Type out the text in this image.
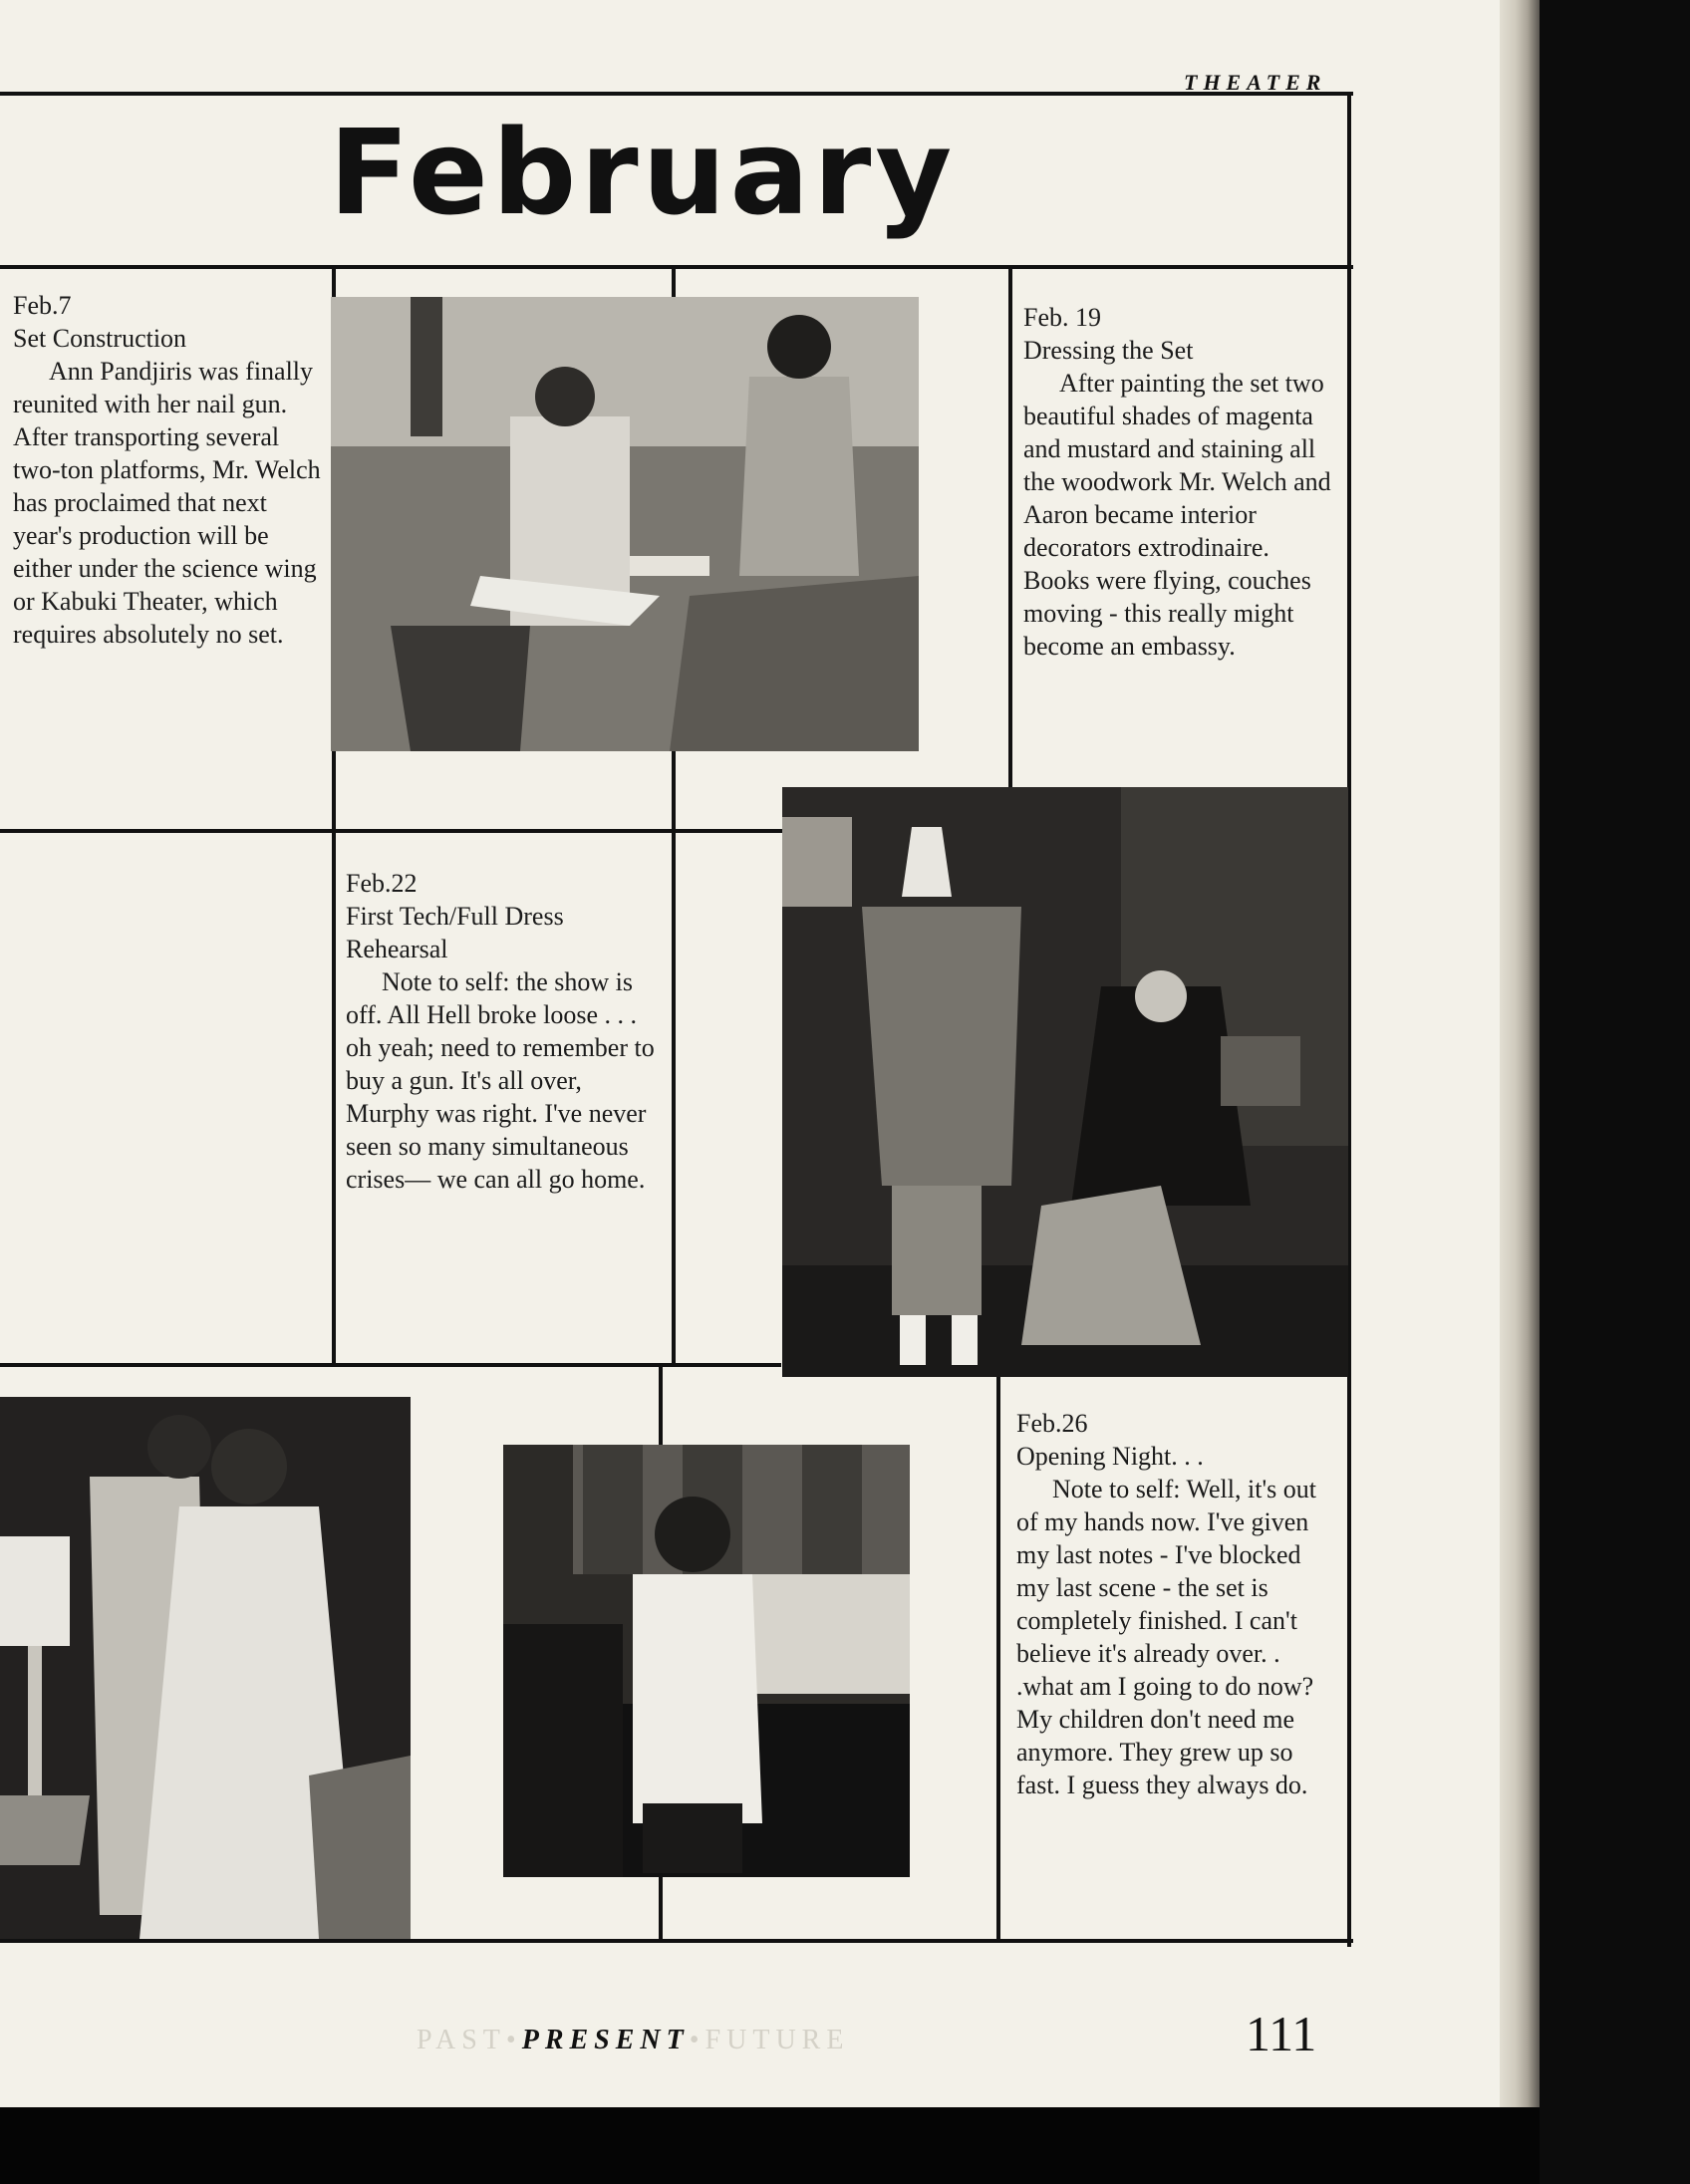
THEATER
February
Feb.7
Set Construction
Ann Pandjiris was finally reunited with her nail gun. After transporting several two-ton platforms, Mr. Welch has proclaimed that next year's production will be either under the science wing or Kabuki Theater, which requires absolutely no set.
Feb. 19
Dressing the Set
After painting the set two beautiful shades of magenta and mustard and staining all the woodwork Mr. Welch and Aaron became interior decorators extrodinaire. Books were flying, couches moving - this really might become an embassy.
Feb.22
First Tech/Full Dress Rehearsal
Note to self: the show is off. All Hell broke loose . . . oh yeah; need to remember to buy a gun. It's all over, Murphy was right. I've never seen so many simultaneous crises— we can all go home.
Feb.26
Opening Night. . .
Note to self: Well, it's out of my hands now. I've given my last notes - I've blocked my last scene - the set is completely finished. I can't believe it's already over. . .what am I going to do now? My children don't need me anymore. They grew up so fast. I guess they always do.
PAST•PRESENT•FUTURE	111
